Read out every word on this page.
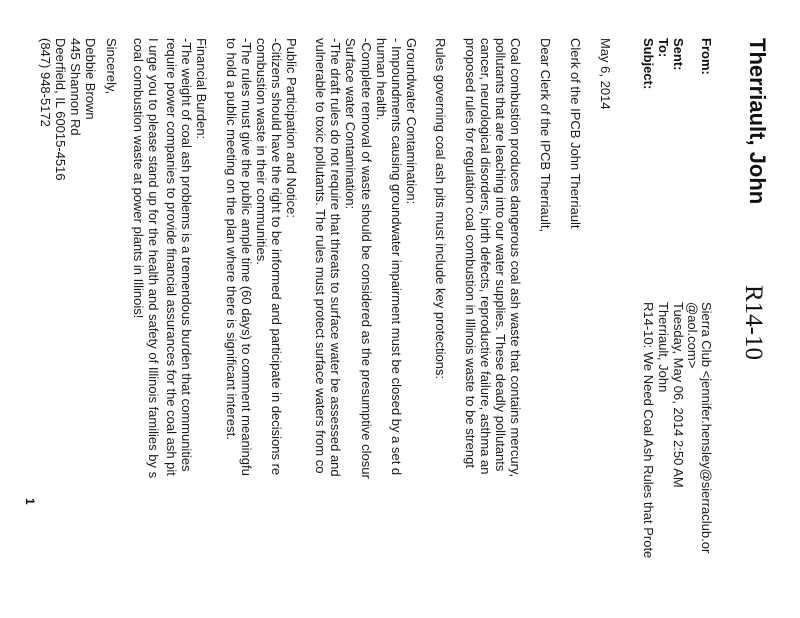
Therriault, John
R14-10
From:
Sent:
To:
Subject:
Sierra Club <jennifer.hensley@sierraclub.or
@aol.com>
Tuesday, May 06, 2014 2:50 AM
Therriault, John
R14-10: We Need Coal Ash Rules that Prote
May 6, 2014
Clerk of the IPCB John Therriault
Dear Clerk of the IPCB Therriault,
Coal combustion produces dangerous coal ash waste that contains mercury,
pollutants that are leaching into our water supplies. These deadly pollutants
cancer, neurological disorders, birth defects, reproductive failure, asthma an
proposed rules for regulation coal combustion in Illinois waste to be strengt
Rules governing coal ash pits must include key protections:
Groundwater Contamination:
- Impoundments causing groundwater impairment must be closed by a set d
human health.
-Complete removal of waste should be considered as the presumptive closur
Surface water Contamination:
-The draft rules do not require that threats to surface water be assessed and
vulnerable to toxic pollutants. The rules must protect surface waters from co
Public Participation and Notice:
-Citizens should have the right to be informed and participate in decisions re
combustion waste in their communities.
-The rules must give the public ample time (60 days) to comment meaningfu
to hold a public meeting on the plan where there is significant interest.
Financial Burden:
-The weight of coal ash problems is a tremendous burden that communities
require power companies to provide financial assurances for the coal ash pit
I urge you to please stand up for the health and safety of Illinois families by s
coal combustion waste at power plants in Illinois!
Sincerely,
Debbie Brown
445 Shannon Rd
Deerfield, IL 60015-4516
(847) 948-5172
1
